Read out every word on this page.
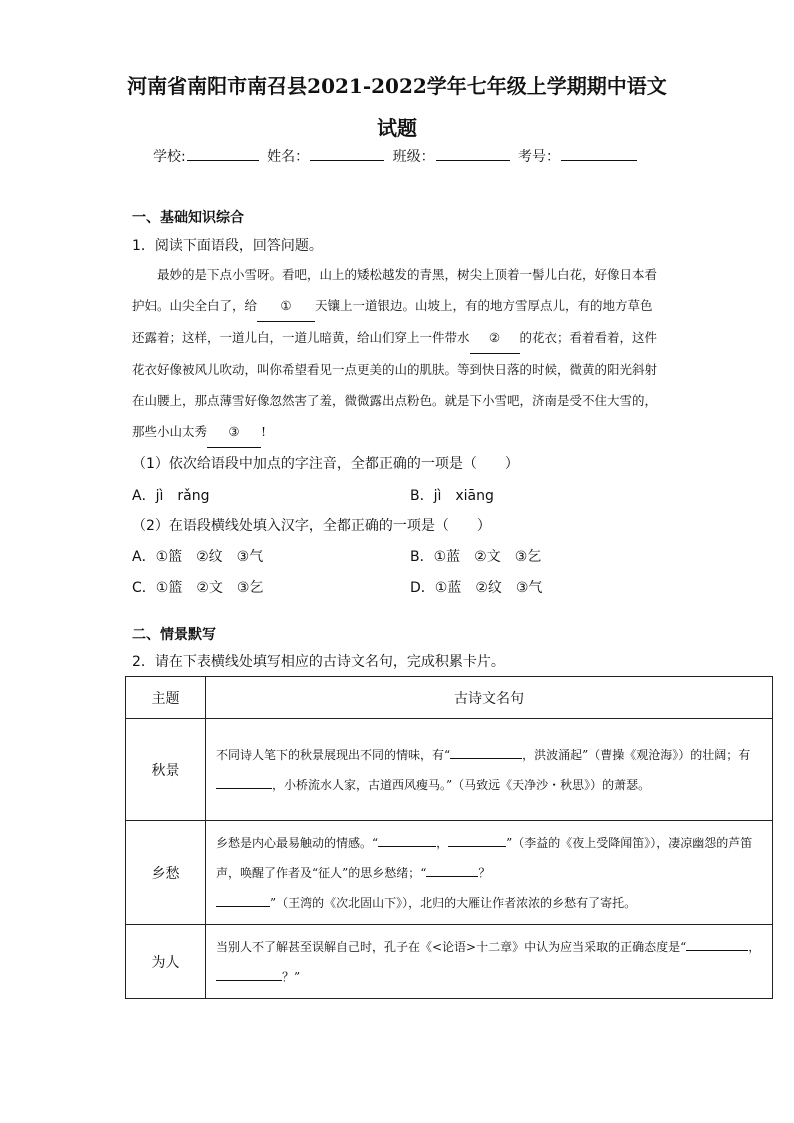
河南省南阳市南召县2021-2022学年七年级上学期期中语文
试题
学校:	姓名：	班级：	考号：
一、基础知识综合
1．阅读下面语段，回答问题。

最妙的是下点小雪呀。看吧，山上的矮松越发的青黑，树尖上顶着一髻儿白花，好像日本看护妇。山尖全白了，给 ① 天镶上一道银边。山坡上，有的地方雪厚点儿，有的地方草色还露着；这样，一道儿白，一道儿暗黄，给山们穿上一件带水 ② 的花衣；看着看着，这件花衣好像被风儿吹动，叫你希望看见一点更美的山的肌肤。等到快日落的时候，微黄的阳光斜射在山腰上，那点薄雪好像忽然害了羞，微微露出点粉色。就是下小雪吧，济南是受不住大雪的，那些小山太秀 ③ !

（1）依次给语段中加点的字注音，全都正确的一项是（　　）
A．jì　rǎng	B．jì　xiāng
（2）在语段横线处填入汉字，全都正确的一项是（　　）
A．①篮　②纹　③气	B．①蓝　②文　③乞
C．①篮　②文　③乞	D．①蓝　②纹　③气
二、情景默写
2．请在下表横线处填写相应的古诗文名句，完成积累卡片。
主题	古诗文名句
秋景	不同诗人笔下的秋景展现出不同的情味，有“ ，洪波涌起”（曹操《观沧海》）的壮阔；有，小桥流水人家，古道西风瘦马。”（马致远《天净沙・秋思》）的萧瑟。
乡愁	乡愁是内心最易触动的情感。“ ， ”（李益的《夜上受降闻笛》），凄凉幽怨的芦笛声，唤醒了作者及“征人”的思乡愁绪；“ ？
”（王湾的《次北固山下》），北归的大雁让作者浓浓的乡愁有了寄托。
为人	当别人不了解甚至误解自己时，孔子在《<论语>十二章》中认为应当采取的正确态度是“ ，？”
